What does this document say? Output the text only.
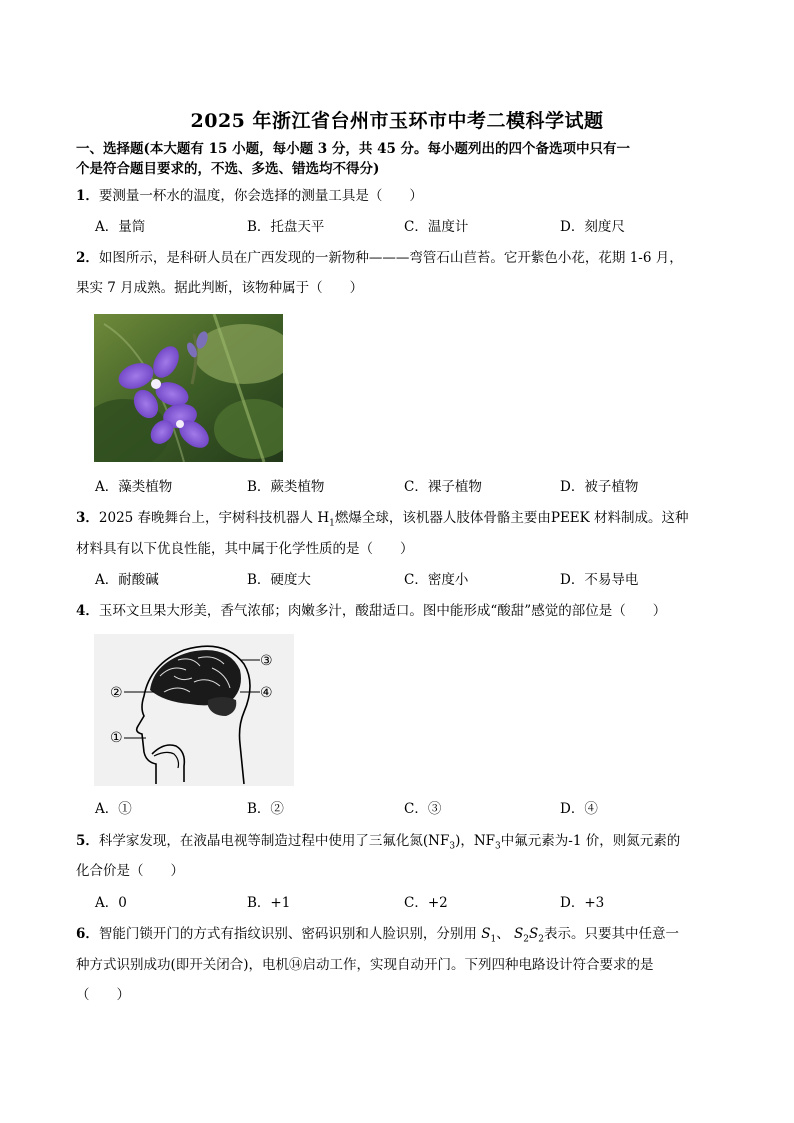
2025 年浙江省台州市玉环市中考二模科学试题
一、选择题(本大题有 15 小题，每小题 3 分，共 45 分。每小题列出的四个备选项中只有一
个是符合题目要求的，不选、多选、错选均不得分)
1．要测量一杯水的温度，你会选择的测量工具是（　　）
A．量筒	B．托盘天平	C．温度计	D．刻度尺
2．如图所示，是科研人员在广西发现的一新物种———弯管石山苣苔。它开紫色小花，花期 1-6 月，
果实 7 月成熟。据此判断，该物种属于（　　）
A．藻类植物	B．蕨类植物	C．裸子植物	D．被子植物
3．2025 春晚舞台上，宇树科技机器人 $H_1$燃爆全球，该机器人肢体骨骼主要由PEEK 材料制成。这种
材料具有以下优良性能，其中属于化学性质的是（　　）
A．耐酸碱	B．硬度大	C．密度小	D．不易导电
4．玉环文旦果大形美，香气浓郁；肉嫩多汁，酸甜适口。图中能形成“酸甜”感觉的部位是（　　）
①
②
③
④
A．①	B．②	C．③	D．④
5．科学家发现，在液晶电视等制造过程中使用了三氟化氮$(NF_3)$，$NF_3$中氟元素为-1 价，则氮元素的
化合价是（　　）
A．0	B．+1	C．+2	D．+3
6．智能门锁开门的方式有指纹识别、密码识别和人脸识别，分别用 $S_1$、 $S_2S_2$表示。只要其中任意一
种方式识别成功(即开关闭合)，电机⑭启动工作，实现自动开门。下列四种电路设计符合要求的是
（　　）
